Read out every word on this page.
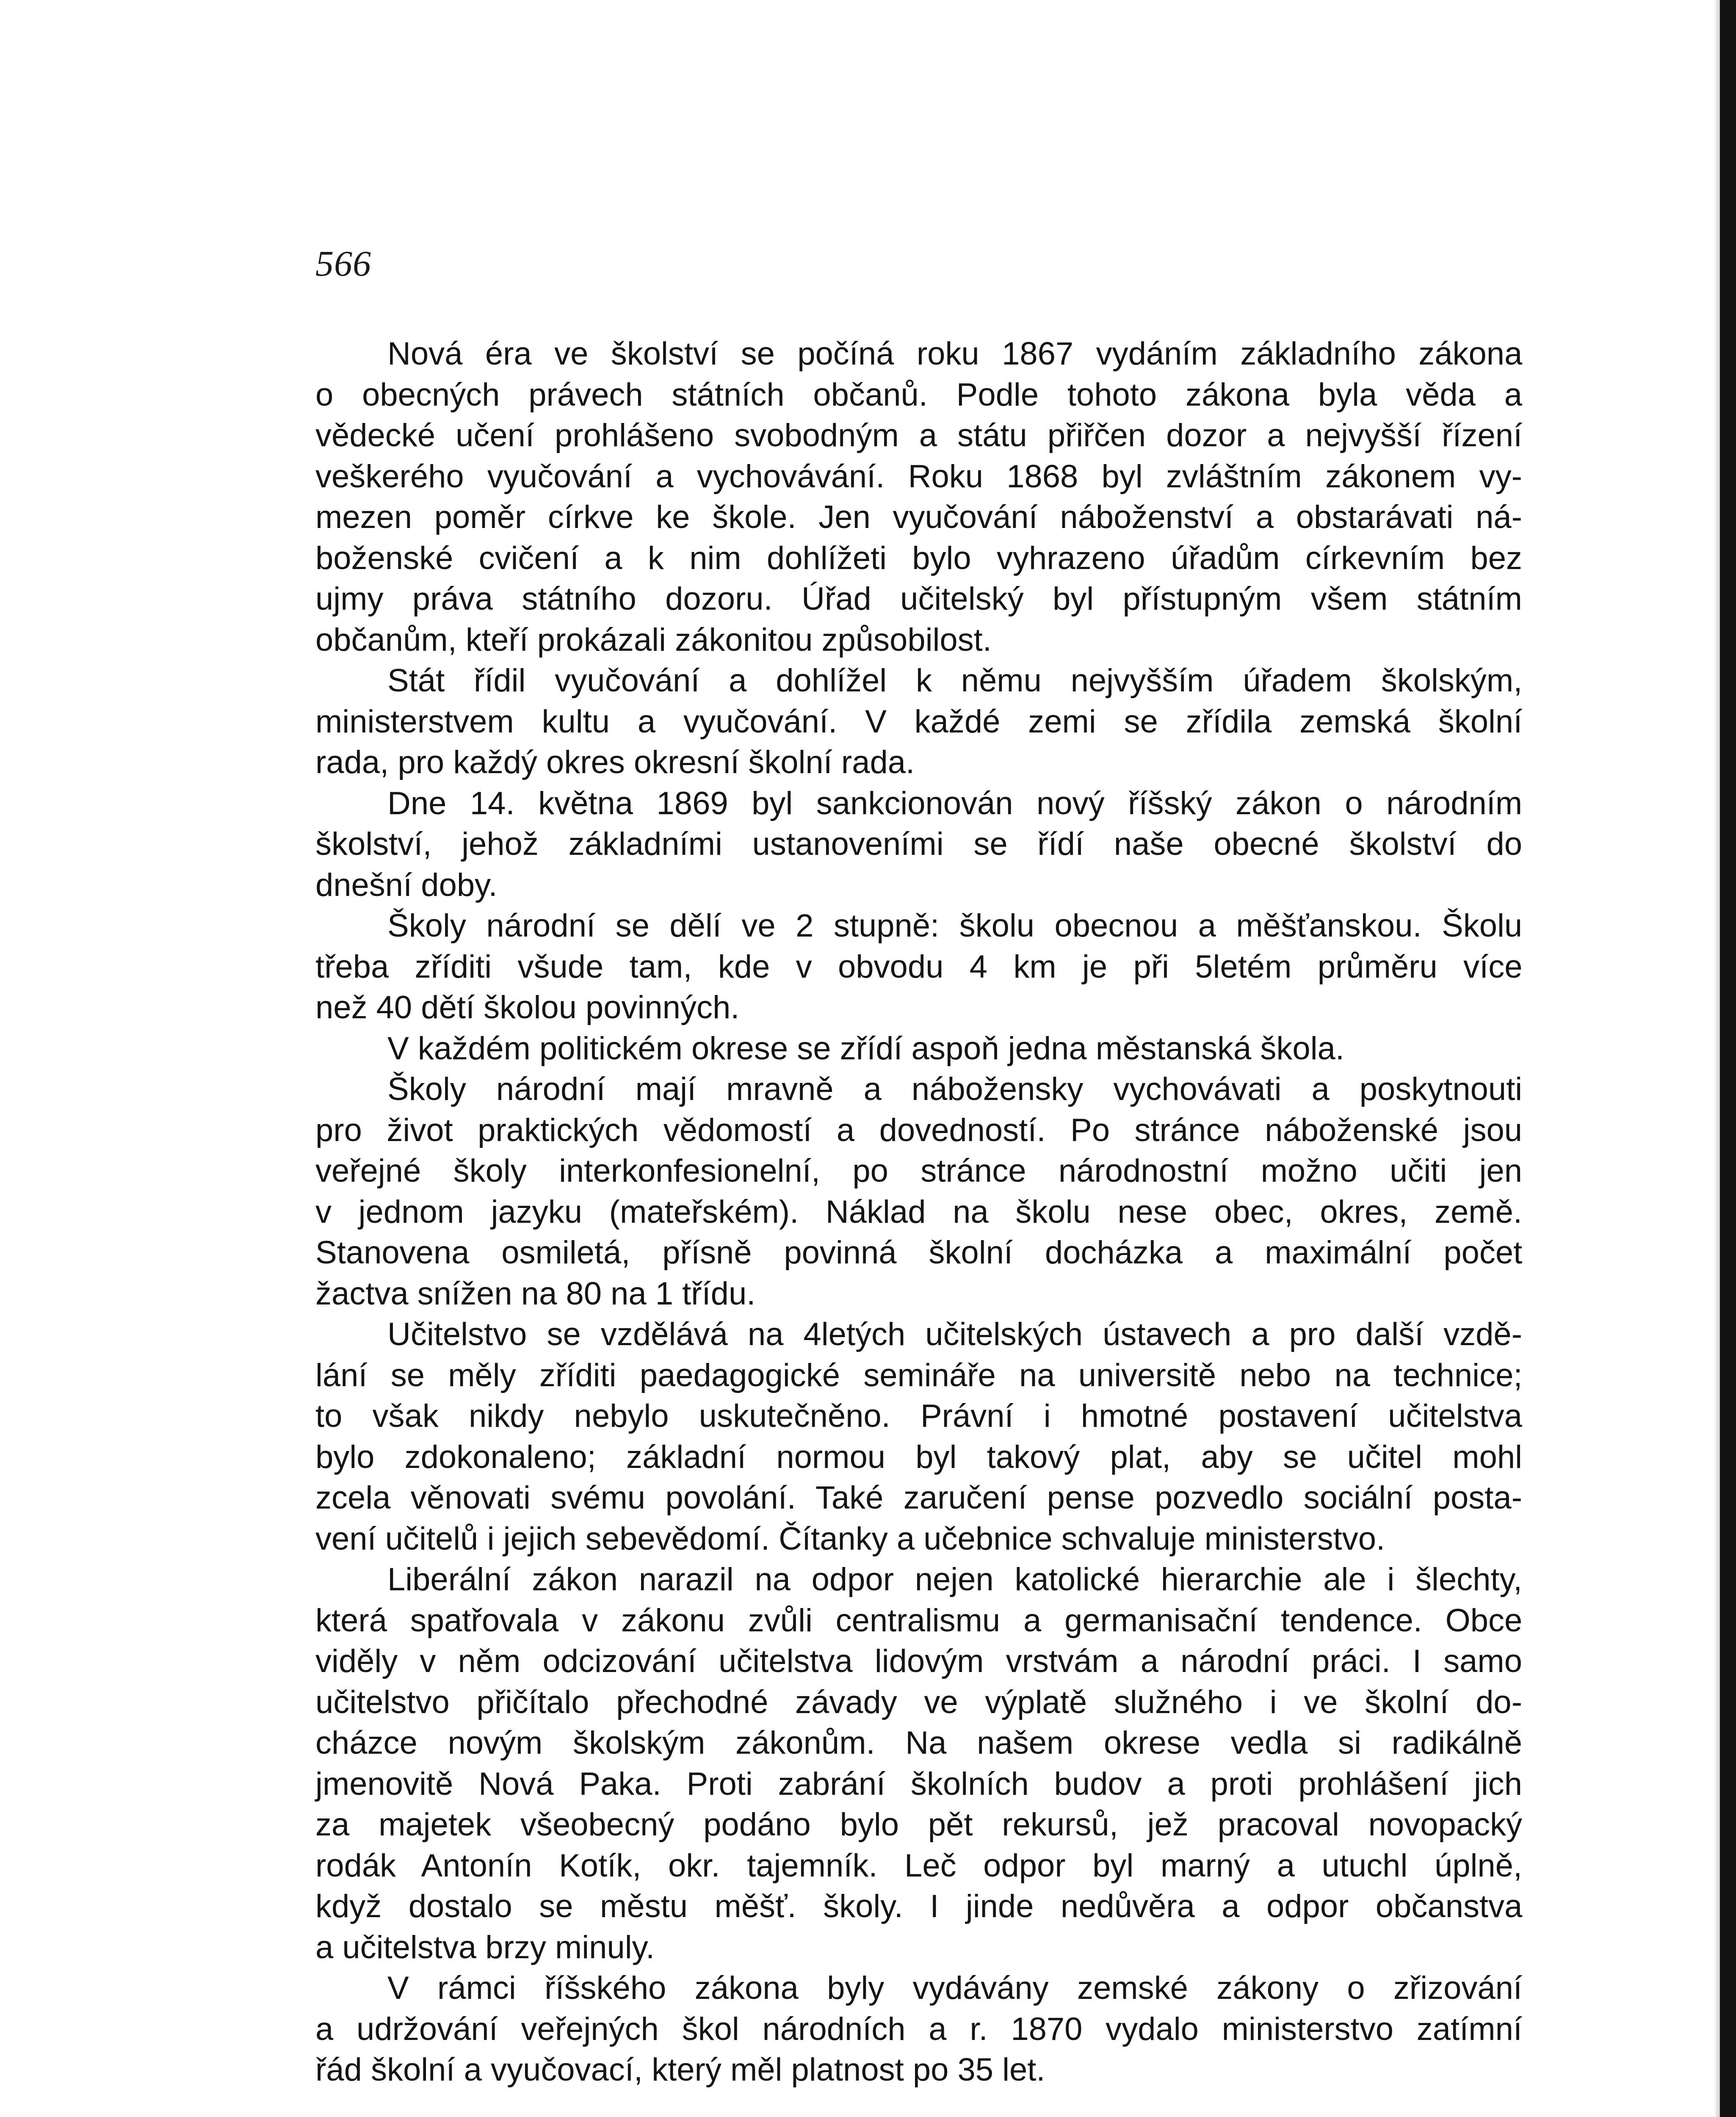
566
Nová éra ve školství se počíná roku 1867 vydáním základního zákona
o obecných právech státních občanů. Podle tohoto zákona byla věda a
vědecké učení prohlášeno svobodným a státu přiřčen dozor a nejvyšší řízení
veškerého vyučování a vychovávání. Roku 1868 byl zvláštním zákonem vy-
mezen poměr církve ke škole. Jen vyučování náboženství a obstarávati ná-
boženské cvičení a k nim dohlížeti bylo vyhrazeno úřadům církevním bez
ujmy práva státního dozoru. Úřad učitelský byl přístupným všem státním
občanům, kteří prokázali zákonitou způsobilost.
Stát řídil vyučování a dohlížel k němu nejvyšším úřadem školským,
ministerstvem kultu a vyučování. V každé zemi se zřídila zemská školní
rada, pro každý okres okresní školní rada.
Dne 14. května 1869 byl sankcionován nový říšský zákon o národním
školství, jehož základními ustanoveními se řídí naše obecné školství do
dnešní doby.
Školy národní se dělí ve 2 stupně: školu obecnou a měšťanskou. Školu
třeba zříditi všude tam, kde v obvodu 4 km je při 5letém průměru více
než 40 dětí školou povinných.
V každém politickém okrese se zřídí aspoň jedna městanská škola.
Školy národní mají mravně a nábožensky vychovávati a poskytnouti
pro život praktických vědomostí a dovedností. Po stránce náboženské jsou
veřejné školy interkonfesionelní, po stránce národnostní možno učiti jen
v jednom jazyku (mateřském). Náklad na školu nese obec, okres, země.
Stanovena osmiletá, přísně povinná školní docházka a maximální počet
žactva snížen na 80 na 1 třídu.
Učitelstvo se vzdělává na 4letých učitelských ústavech a pro další vzdě-
lání se měly zříditi paedagogické semináře na universitě nebo na technice;
to však nikdy nebylo uskutečněno. Právní i hmotné postavení učitelstva
bylo zdokonaleno; základní normou byl takový plat, aby se učitel mohl
zcela věnovati svému povolání. Také zaručení pense pozvedlo sociální posta-
vení učitelů i jejich sebevědomí. Čítanky a učebnice schvaluje ministerstvo.
Liberální zákon narazil na odpor nejen katolické hierarchie ale i šlechty,
která spatřovala v zákonu zvůli centralismu a germanisační tendence. Obce
viděly v něm odcizování učitelstva lidovým vrstvám a národní práci. I samo
učitelstvo přičítalo přechodné závady ve výplatě služného i ve školní do-
cházce novým školským zákonům. Na našem okrese vedla si radikálně
jmenovitě Nová Paka. Proti zabrání školních budov a proti prohlášení jich
za majetek všeobecný podáno bylo pět rekursů, jež pracoval novopacký
rodák Antonín Kotík, okr. tajemník. Leč odpor byl marný a utuchl úplně,
když dostalo se městu měšť. školy. I jinde nedůvěra a odpor občanstva
a učitelstva brzy minuly.
V rámci říšského zákona byly vydávány zemské zákony o zřizování
a udržování veřejných škol národních a r. 1870 vydalo ministerstvo zatímní
řád školní a vyučovací, který měl platnost po 35 let.
